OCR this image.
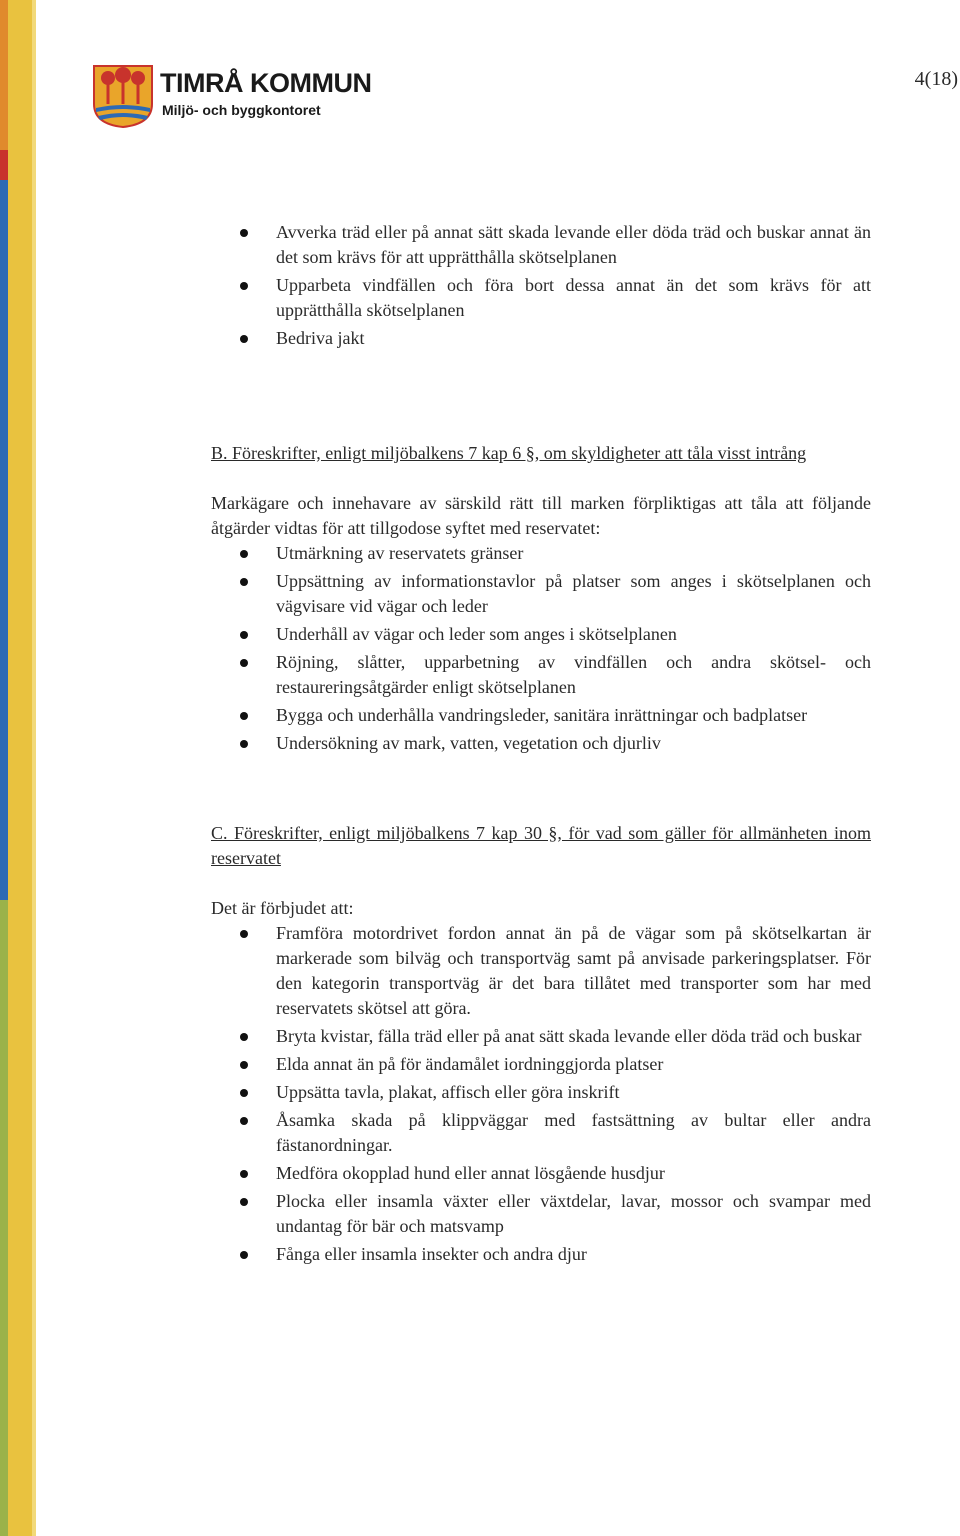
TIMRÅ KOMMUN
Miljö- och byggkontoret
4(18)
Avverka träd eller på annat sätt skada levande eller döda träd och buskar annat än det som krävs för att upprätthålla skötselplanen
Upparbeta vindfällen och föra bort dessa annat än det som krävs för att upprätthålla skötselplanen
Bedriva jakt
B. Föreskrifter, enligt miljöbalkens 7 kap 6 §, om skyldigheter att tåla visst intrång

Markägare och innehavare av särskild rätt till marken förpliktigas att tåla att följande åtgärder vidtas för att tillgodose syftet med reservatet:

Utmärkning av reservatets gränser
Uppsättning av informationstavlor på platser som anges i skötselplanen och vägvisare vid vägar och leder
Underhåll av vägar och leder som anges i skötselplanen
Röjning, slåtter, upparbetning av vindfällen och andra skötsel- och restaureringsåtgärder enligt skötselplanen
Bygga och underhålla vandringsleder, sanitära inrättningar och badplatser
Undersökning av mark, vatten, vegetation och djurliv
C. Föreskrifter, enligt miljöbalkens 7 kap 30 §, för vad som gäller för allmänheten inom reservatet

Det är förbjudet att:

Framföra motordrivet fordon annat än på de vägar som på skötselkartan är markerade som bilväg och transportväg samt på anvisade parkeringsplatser. För den kategorin transportväg är det bara tillåtet med transporter som har med reservatets skötsel att göra.
Bryta kvistar, fälla träd eller på anat sätt skada levande eller döda träd och buskar
Elda annat än på för ändamålet iordninggjorda platser
Uppsätta tavla, plakat, affisch eller göra inskrift
Åsamka skada på klippväggar med fastsättning av bultar eller andra fästanordningar.
Medföra okopplad hund eller annat lösgående husdjur
Plocka eller insamla växter eller växtdelar, lavar, mossor och svampar med undantag för bär och matsvamp
Fånga eller insamla insekter och andra djur
